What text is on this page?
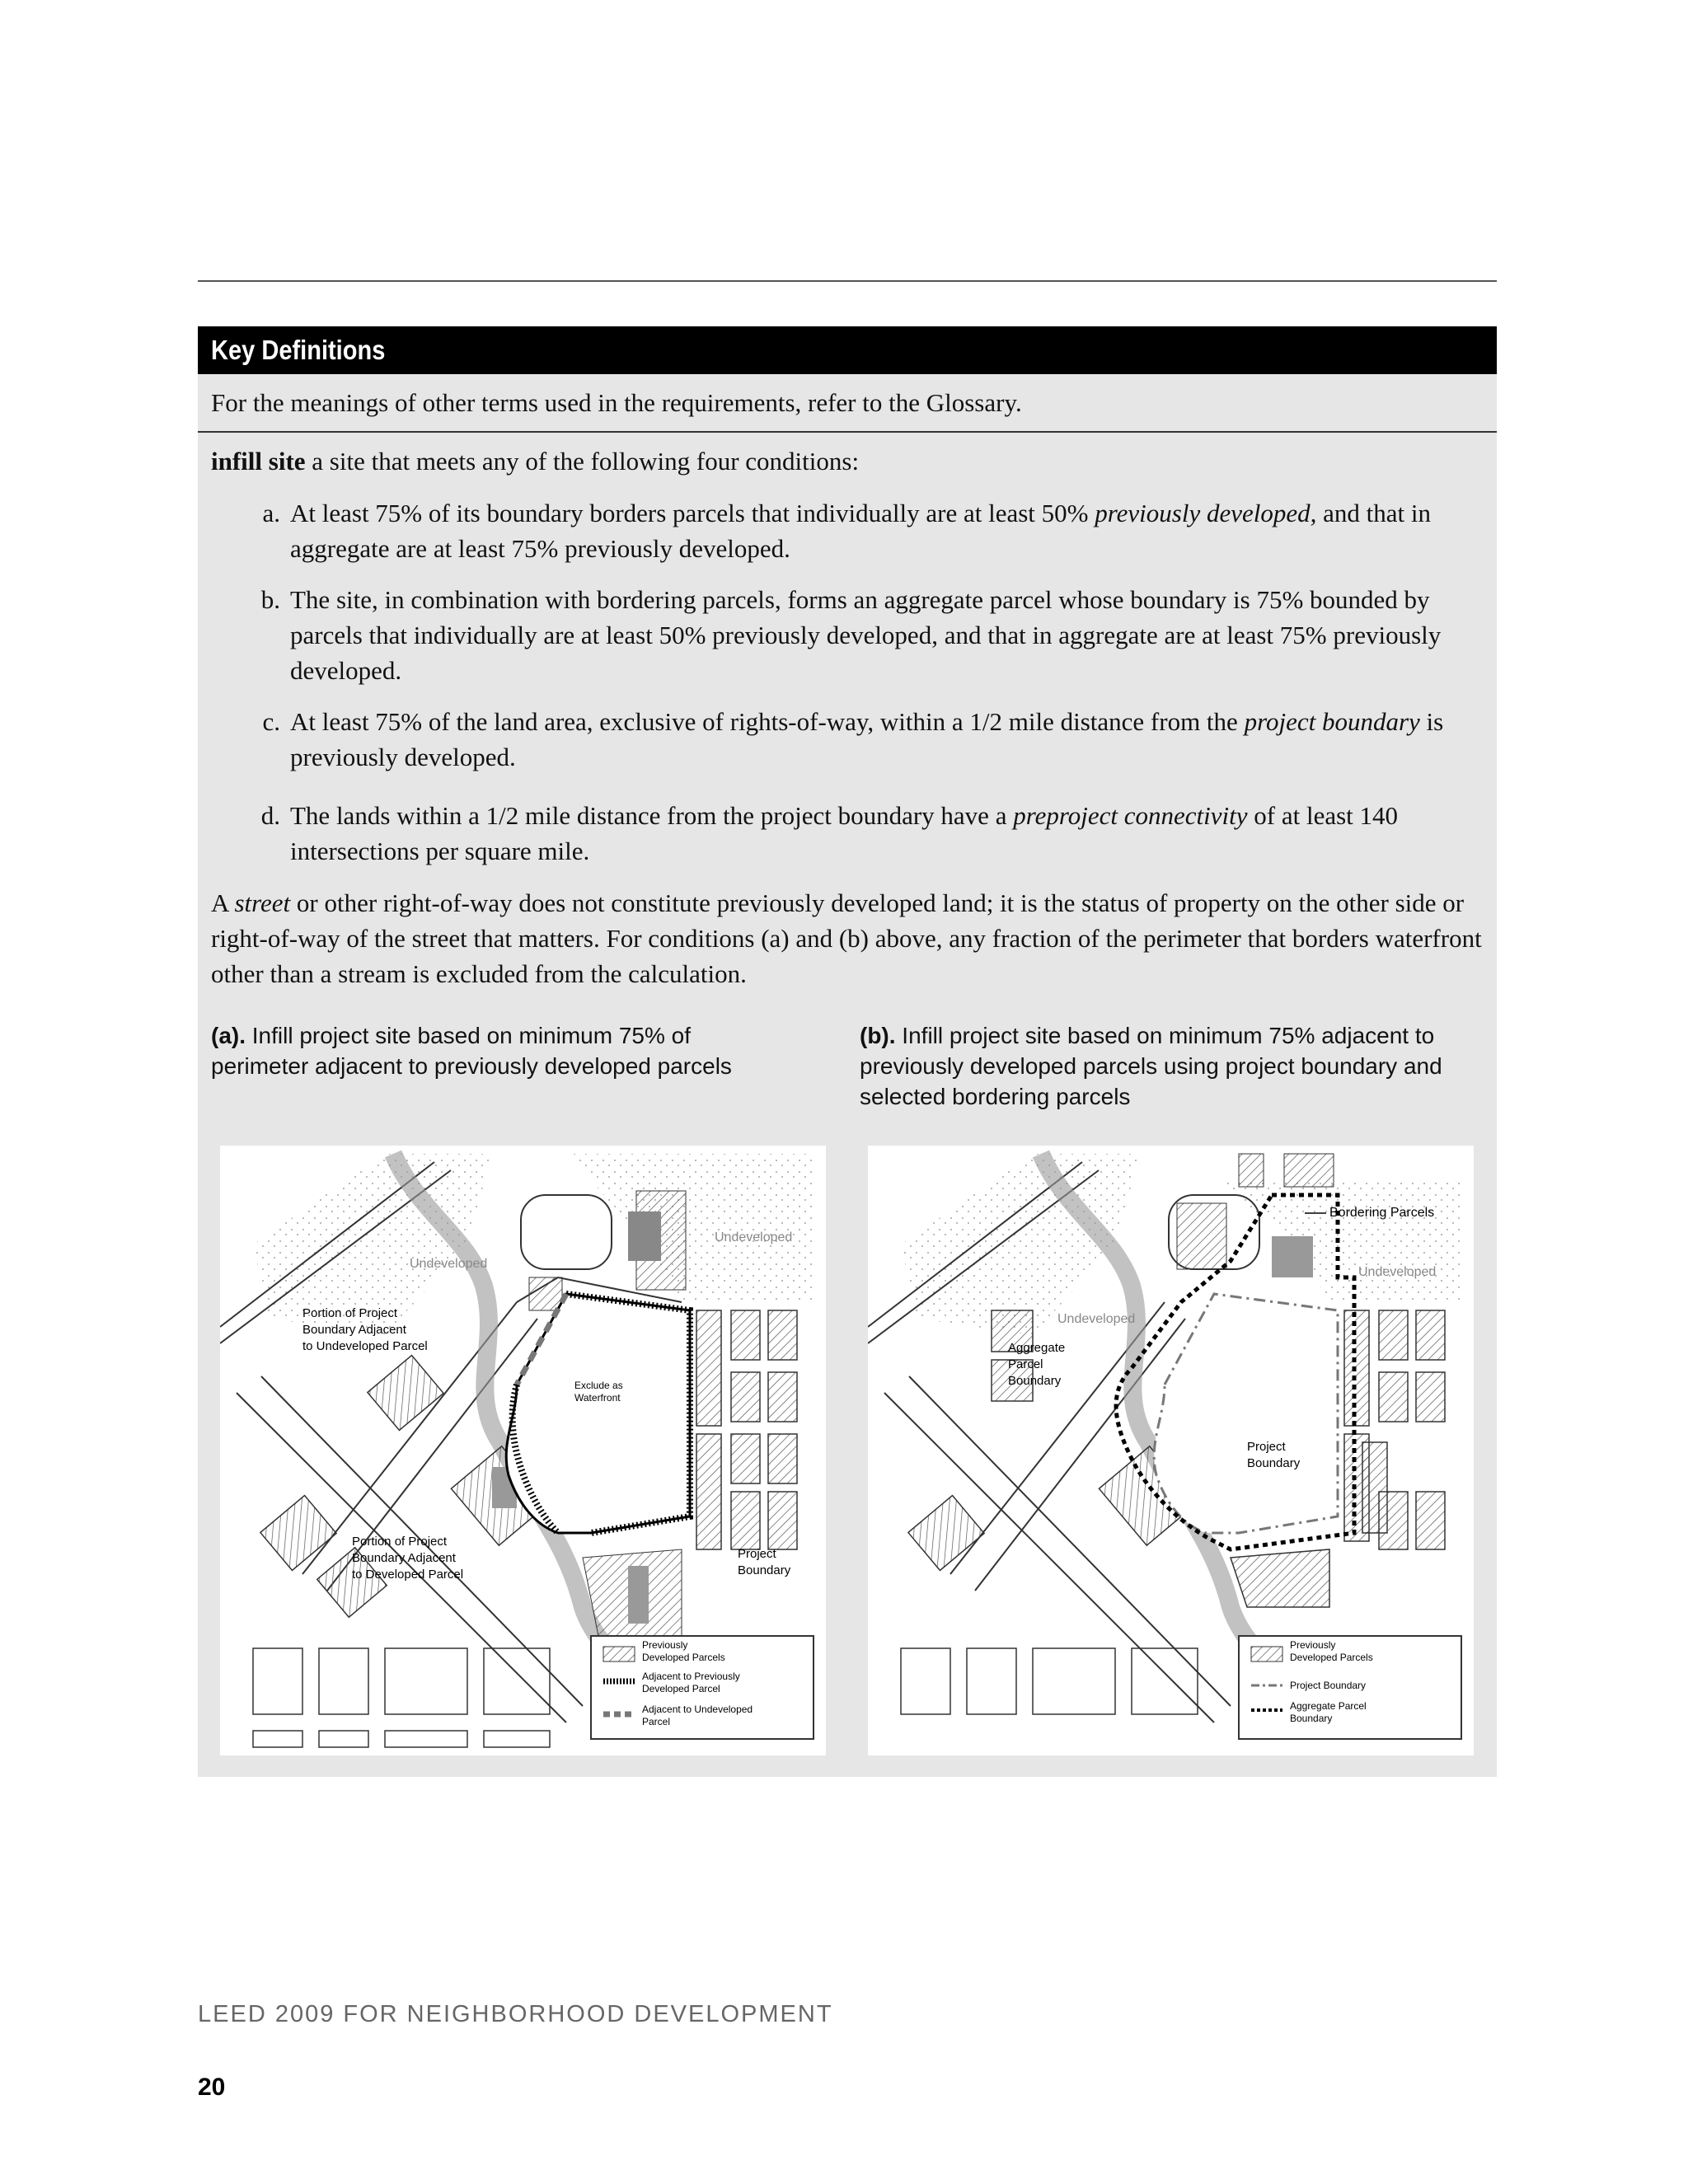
Key Definitions
For the meanings of other terms used in the requirements, refer to the Glossary.
infill site a site that meets any of the following four conditions:
a. At least 75% of its boundary borders parcels that individually are at least 50% previously developed, and that in aggregate are at least 75% previously developed.
b. The site, in combination with bordering parcels, forms an aggregate parcel whose boundary is 75% bounded by parcels that individually are at least 50% previously developed, and that in aggregate are at least 75% previously developed.
c. At least 75% of the land area, exclusive of rights-of-way, within a 1/2 mile distance from the project boundary is previously developed.
d. The lands within a 1/2 mile distance from the project boundary have a preproject connectivity of at least 140 intersections per square mile.
A street or other right-of-way does not constitute previously developed land; it is the status of property on the other side or right-of-way of the street that matters. For conditions (a) and (b) above, any fraction of the perimeter that borders waterfront other than a stream is excluded from the calculation.
(a). Infill project site based on minimum 75% of perimeter adjacent to previously developed parcels
(b). Infill project site based on minimum 75% adjacent to previously developed parcels using project boundary and selected bordering parcels
Undeveloped
Undeveloped
Portion of Project
Boundary Adjacent
to Undeveloped Parcel
Exclude as
Waterfront
Portion of Project
Boundary Adjacent
to Developed Parcel
Project
Boundary
Previously
Developed Parcels
Adjacent to Previously
Developed Parcel
Adjacent to Undeveloped
Parcel
Bordering Parcels
Undeveloped
Undeveloped
Aggregate
Parcel
Boundary
Project
Boundary
Previously
Developed Parcels
Project Boundary
Aggregate Parcel
Boundary
LEED 2009 FOR NEIGHBORHOOD DEVELOPMENT
20
